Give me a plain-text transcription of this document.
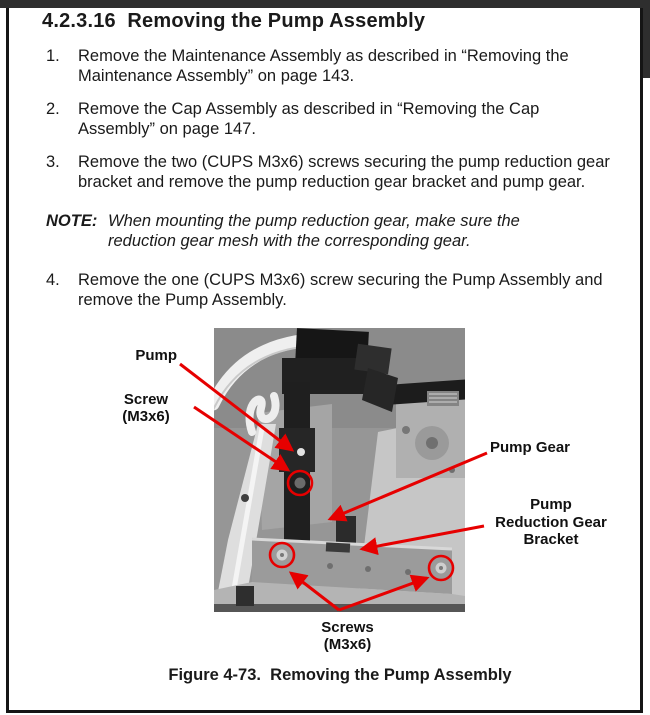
4.2.3.16  Removing the Pump Assembly
1. Remove the Maintenance Assembly as described in “Removing the
Maintenance Assembly” on page 143.
2. Remove the Cap Assembly as described in “Removing the Cap
Assembly” on page 147.
3. Remove the two (CUPS M3x6) screws securing the pump reduction gear
bracket and remove the pump reduction gear bracket and pump gear.
NOTE: When mounting the pump reduction gear, make sure the
reduction gear mesh with the corresponding gear.
4. Remove the one (CUPS M3x6) screw securing the Pump Assembly and
remove the Pump Assembly.
Pump
Screw
(M3x6)
Pump Gear
Pump
Reduction Gear
Bracket
Screws
(M3x6)
Figure 4-73.  Removing the Pump Assembly
